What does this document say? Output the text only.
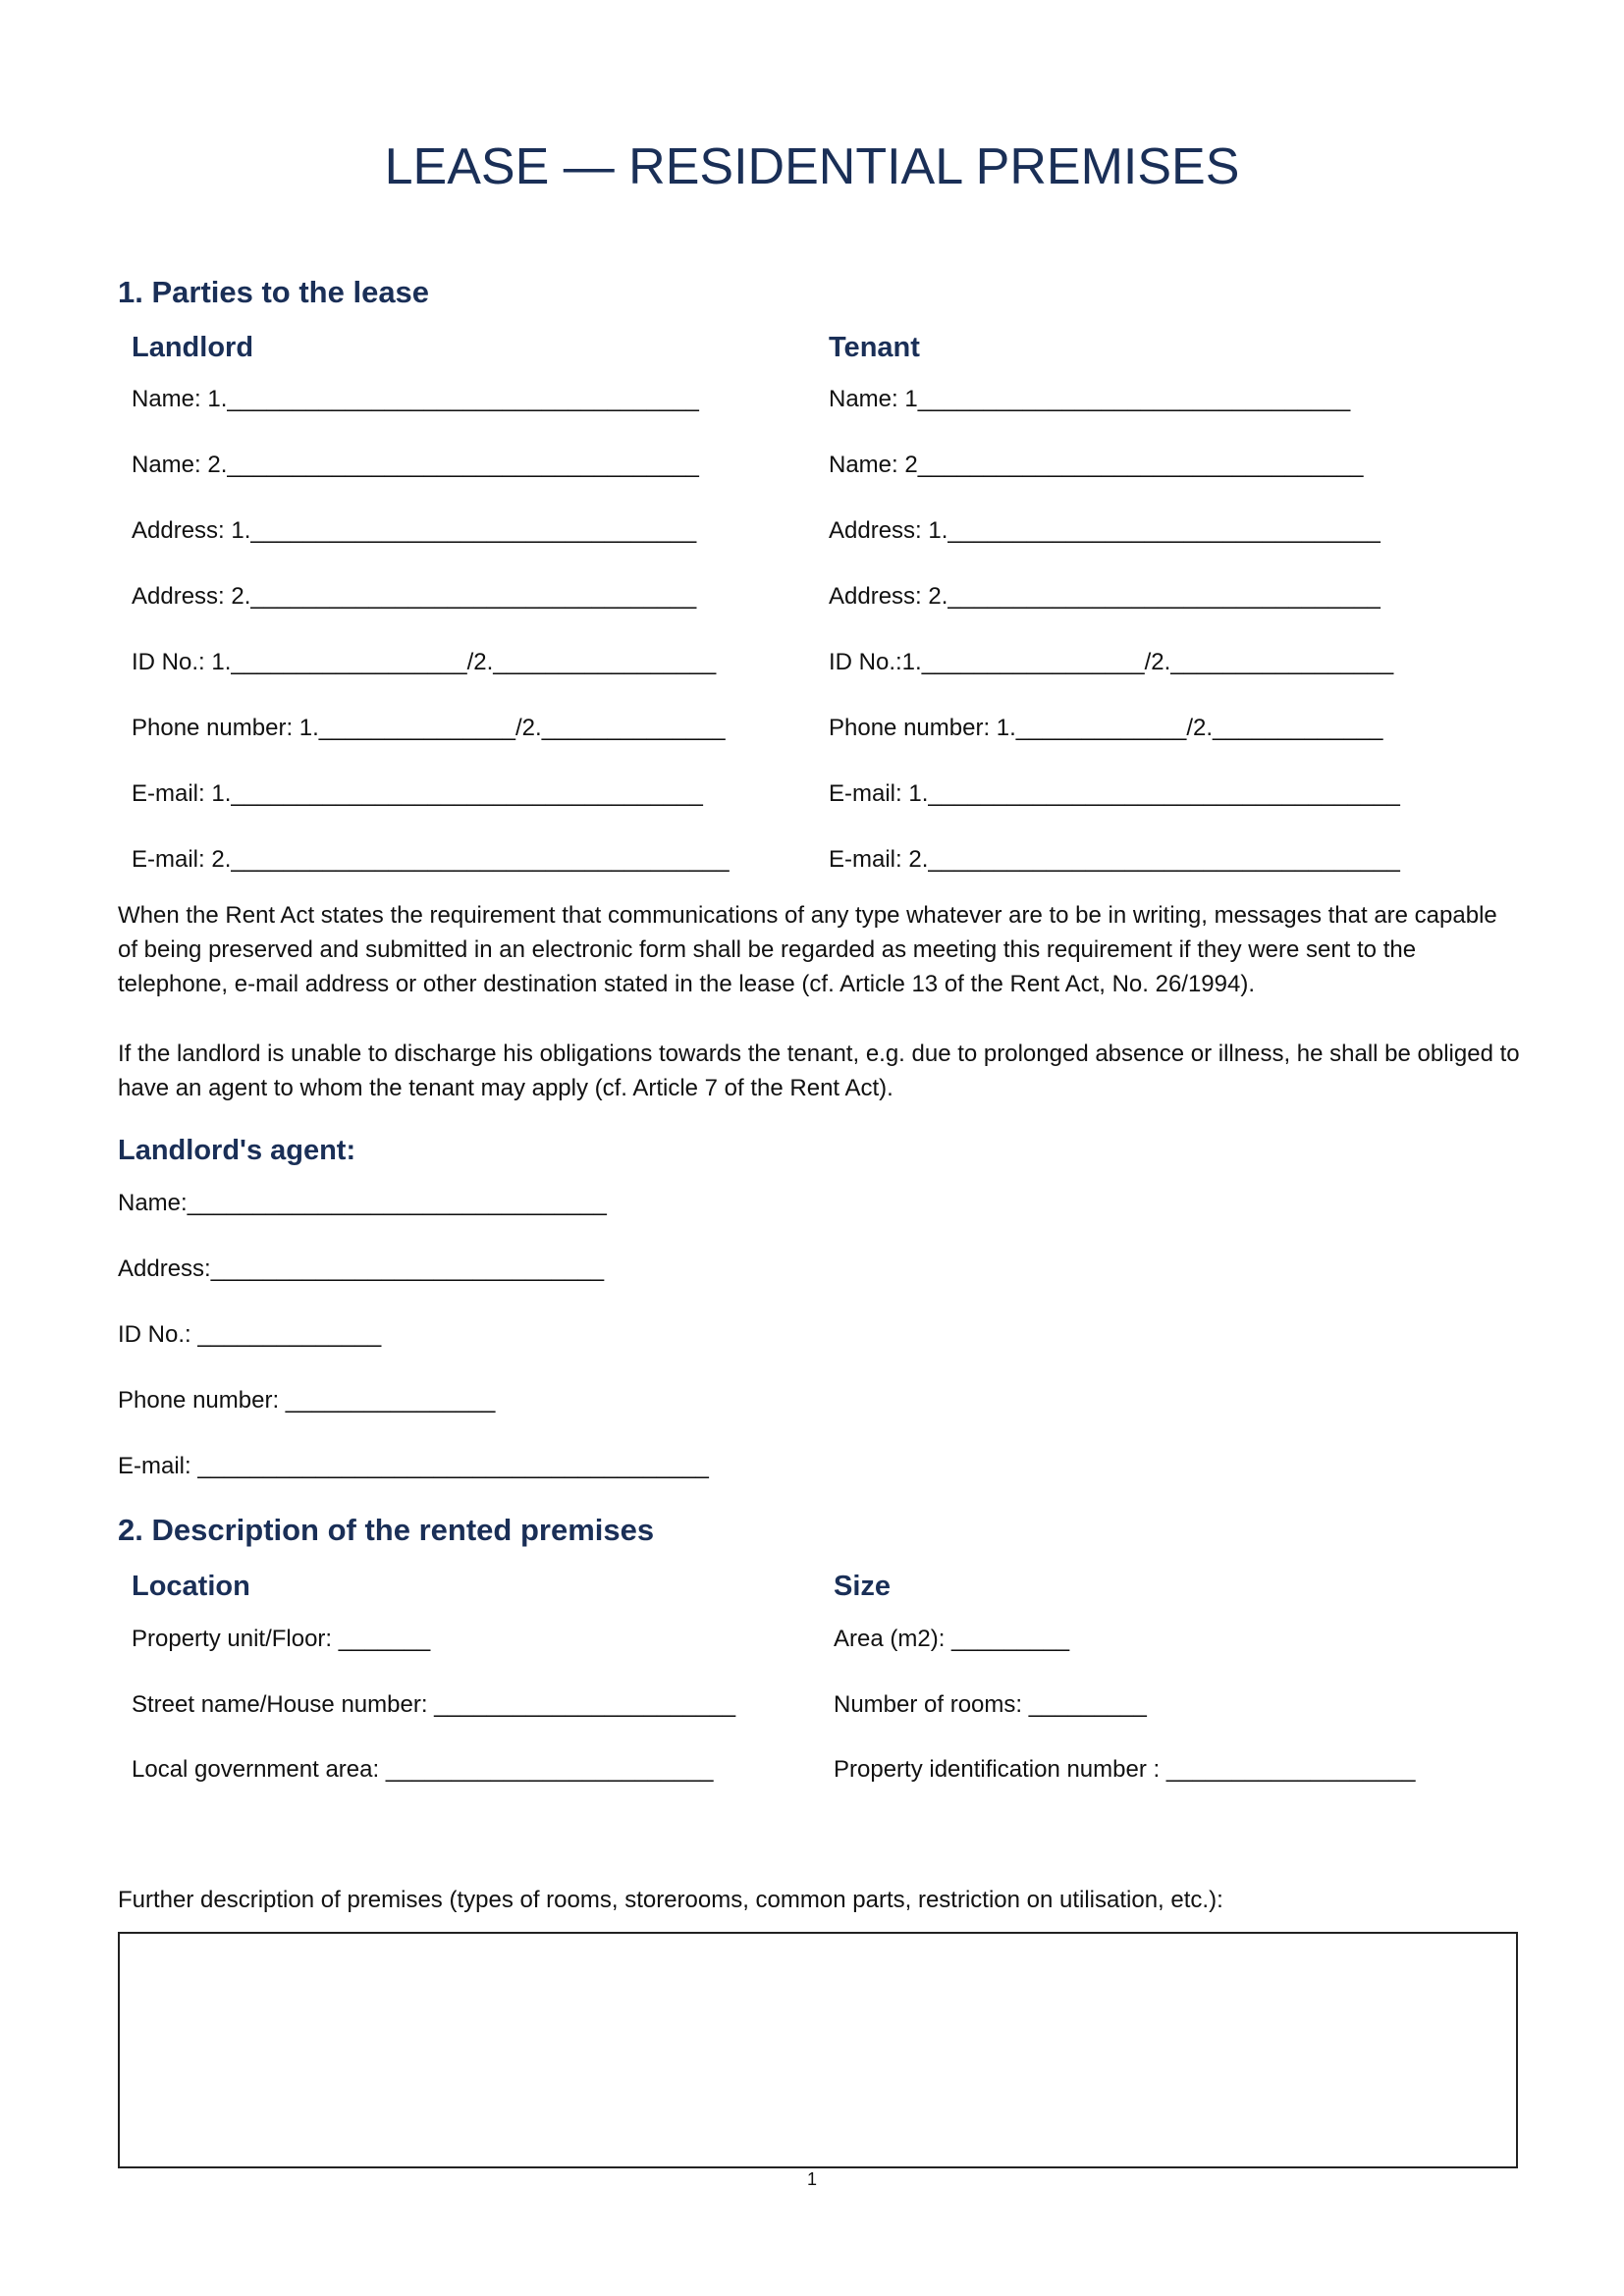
LEASE — RESIDENTIAL PREMISES
1. Parties to the lease
Landlord	Tenant
Name: 1.____________________________________
Name: 2.____________________________________
Address: 1.__________________________________
Address: 2.__________________________________
ID No.: 1.__________________/2._________________
Phone number: 1._______________/2.______________
E-mail: 1.____________________________________
E-mail: 2.______________________________________
Name: 1_________________________________
Name: 2__________________________________
Address: 1._________________________________
Address: 2._________________________________
ID No.:1._________________/2._________________
Phone number: 1._____________/2._____________
E-mail: 1.____________________________________
E-mail: 2.____________________________________
When the Rent Act states the requirement that communications of any type whatever are to be in writing, messages that are capable of being preserved and submitted in an electronic form shall be regarded as meeting this requirement if they were sent to the telephone, e-mail address or other destination stated in the lease (cf. Article 13 of the Rent Act, No. 26/1994).
If the landlord is unable to discharge his obligations towards the tenant, e.g. due to prolonged absence or illness, he shall be obliged to have an agent to whom the tenant may apply (cf. Article 7 of the Rent Act).
Landlord's agent:
Name:________________________________
Address:______________________________
ID No.: ______________
Phone number: ________________
E-mail: _______________________________________
2. Description of the rented premises
Location	Size
Property unit/Floor: _______
Street name/House number: _______________________
Local government area: _________________________
Area (m2): _________
Number of rooms: _________
Property identification number : ___________________
Further description of premises (types of rooms, storerooms, common parts, restriction on utilisation, etc.):
1
